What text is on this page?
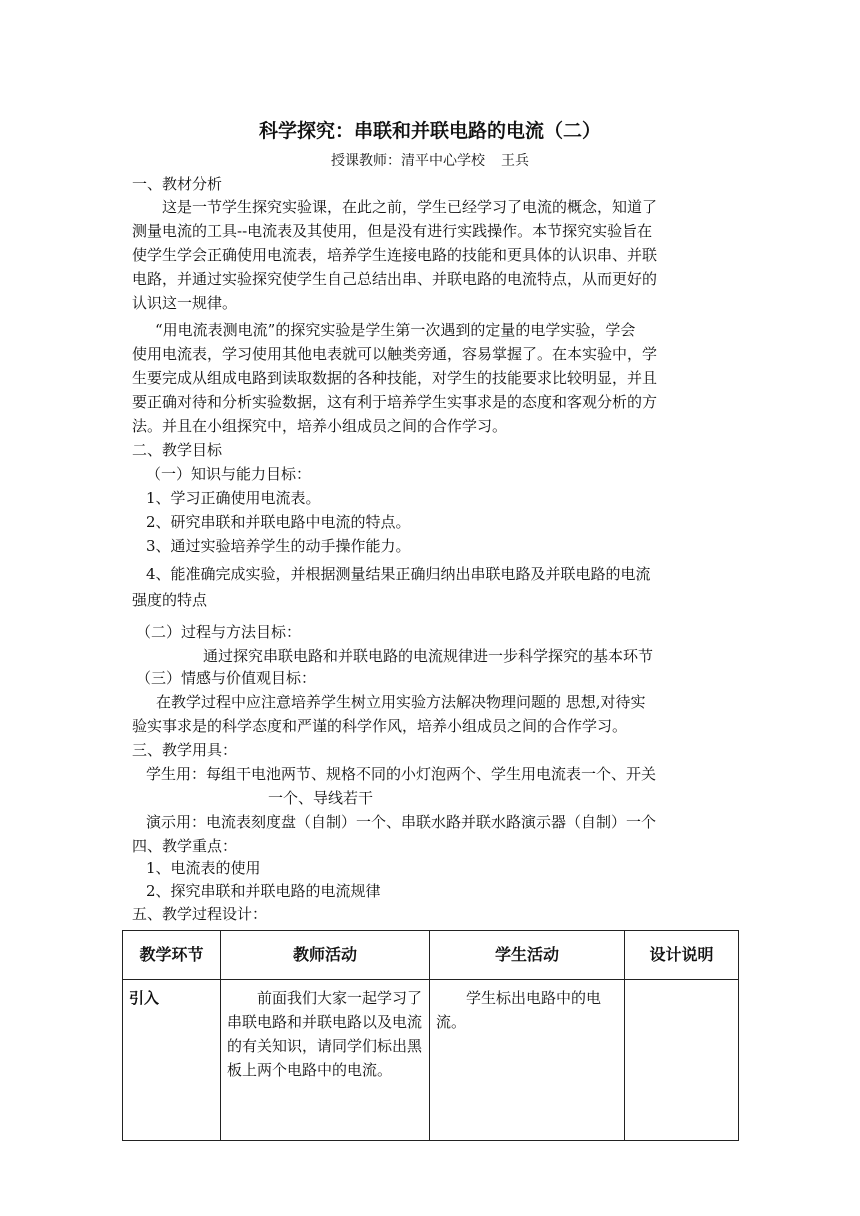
科学探究：串联和并联电路的电流（二）
授课教师：清平中心学校 王兵
一、教材分析
　　这是一节学生探究实验课，在此之前，学生已经学习了电流的概念，知道了
测量电流的工具--电流表及其使用，但是没有进行实践操作。本节探究实验旨在
使学生学会正确使用电流表，培养学生连接电路的技能和更具体的认识串、并联
电路，并通过实验探究使学生自己总结出串、并联电路的电流特点，从而更好的
认识这一规律。
　“用电流表测电流”的探究实验是学生第一次遇到的定量的电学实验，学会
使用电流表，学习使用其他电表就可以触类旁通，容易掌握了。在本实验中，学
生要完成从组成电路到读取数据的各种技能，对学生的技能要求比较明显，并且
要正确对待和分析实验数据，这有利于培养学生实事求是的态度和客观分析的方
法。并且在小组探究中，培养小组成员之间的合作学习。
二、教学目标
（一）知识与能力目标：
1、学习正确使用电流表。
2、研究串联和并联电路中电流的特点。
3、通过实验培养学生的动手操作能力。
4、能准确完成实验，并根据测量结果正确归纳出串联电路及并联电路的电流
强度的特点
（二）过程与方法目标：
通过探究串联电路和并联电路的电流规律进一步科学探究的基本环节
（三）情感与价值观目标：
在教学过程中应注意培养学生树立用实验方法解决物理问题的 思想,对待实
验实事求是的科学态度和严谨的科学作风，培养小组成员之间的合作学习。
三、教学用具：
学生用：每组干电池两节、规格不同的小灯泡两个、学生用电流表一个、开关
一个、导线若干
演示用：电流表刻度盘（自制）一个、串联水路并联水路演示器（自制）一个
四、教学重点：
1、电流表的使用
2、探究串联和并联电路的电流规律
五、教学过程设计：
教学环节	教师活动	学生活动	设计说明
引入	前面我们大家一起学习了串联电路和并联电路以及电流的有关知识，请同学们标出黑板上两个电路中的电流。	学生标出电路中的电流。	
